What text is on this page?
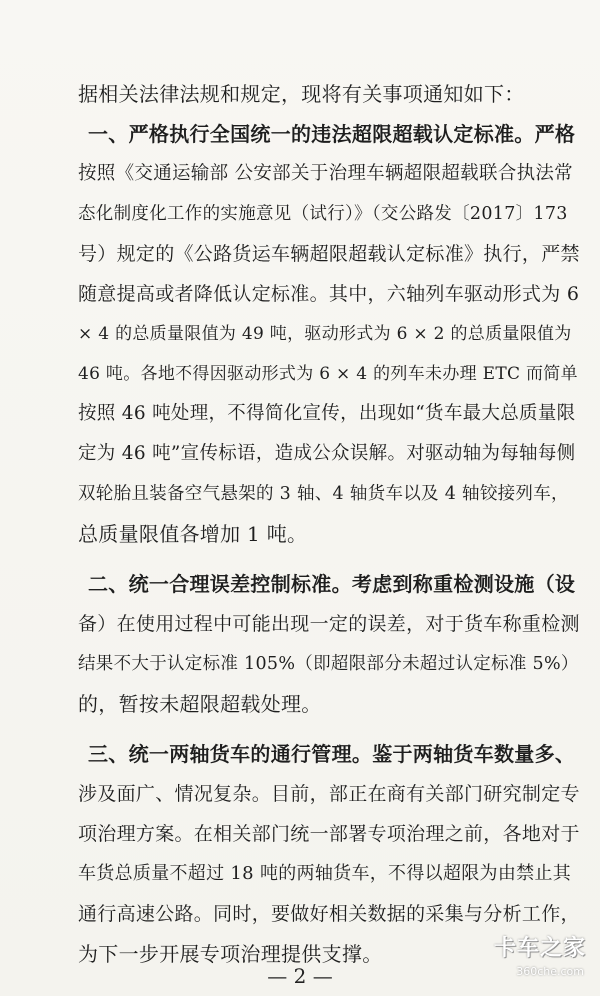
据相关法律法规和规定，现将有关事项通知如下：
一、严格执行全国统一的违法超限超载认定标准。严格
按照《交通运输部 公安部关于治理车辆超限超载联合执法常
态化制度化工作的实施意见（试行）》（交公路发〔2017〕173
号）规定的《公路货运车辆超限超载认定标准》执行，严禁
随意提高或者降低认定标准。其中，六轴列车驱动形式为 6
× 4 的总质量限值为 49 吨，驱动形式为 6 × 2 的总质量限值为
46 吨。各地不得因驱动形式为 6 × 4 的列车未办理 ETC 而简单
按照 46 吨处理，不得简化宣传，出现如“货车最大总质量限
定为 46 吨”宣传标语，造成公众误解。对驱动轴为每轴每侧
双轮胎且装备空气悬架的 3 轴、4 轴货车以及 4 轴铰接列车，
总质量限值各增加 1 吨。
二、统一合理误差控制标准。考虑到称重检测设施（设
备）在使用过程中可能出现一定的误差，对于货车称重检测
结果不大于认定标准 105%（即超限部分未超过认定标准 5%）
的，暂按未超限超载处理。
三、统一两轴货车的通行管理。鉴于两轴货车数量多、
涉及面广、情况复杂。目前，部正在商有关部门研究制定专
项治理方案。在相关部门统一部署专项治理之前，各地对于
车货总质量不超过 18 吨的两轴货车，不得以超限为由禁止其
通行高速公路。同时，要做好相关数据的采集与分析工作，
为下一步开展专项治理提供支撑。
— 2 —
卡车之家
360che.com
